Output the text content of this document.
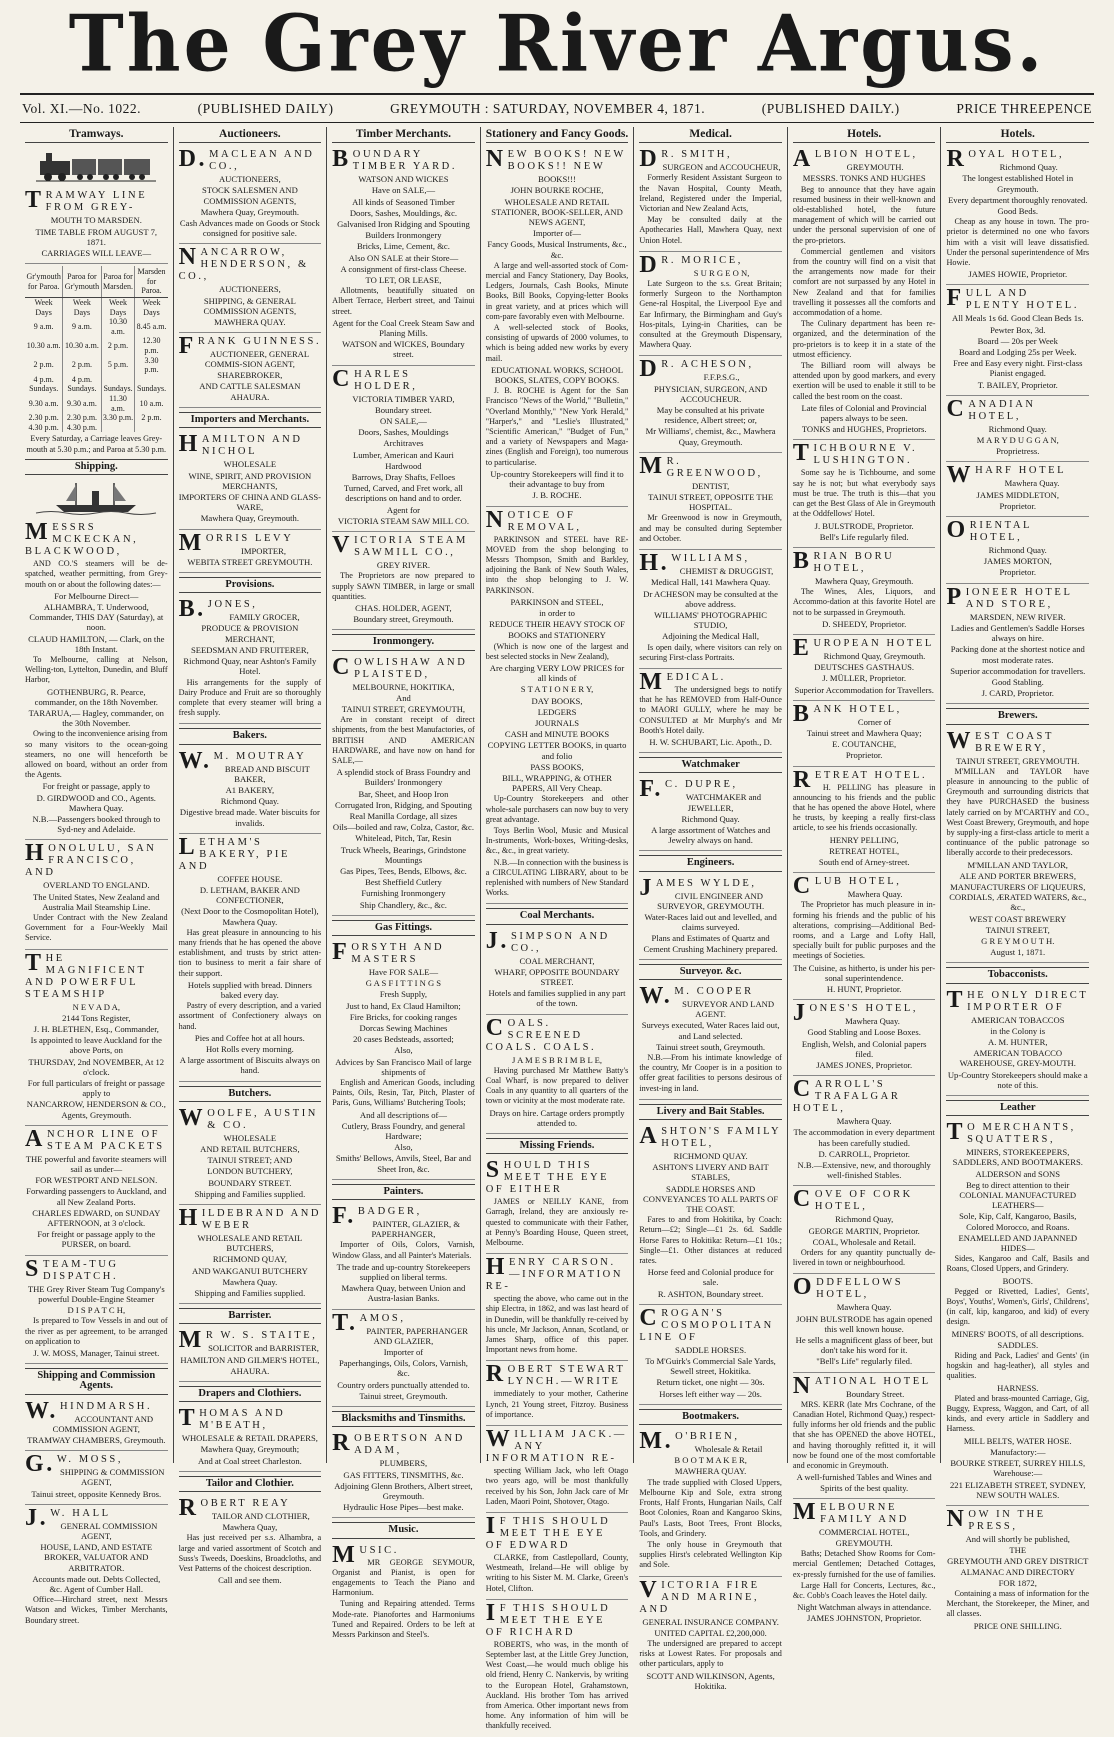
The Grey River Argus.
Vol. XI.—No. 1022.	(PUBLISHED DAILY)	GREYMOUTH : SATURDAY, NOVEMBER 4, 1871.	(PUBLISHED DAILY.)	PRICE THREEPENCE
Tramways.
TRAMWAY LINE FROM GREY-
MOUTH TO MARSDEN.
TIME TABLE FROM AUGUST 7, 1871.
CARRIAGES WILL LEAVE—
Gr'ymouth for Paroa.	Paroa for Gr'ymouth	Paroa for Marsden.	Marsden for Paroa.
Week Days	Week Days	Week Days	Week Days
9 a.m.	9 a.m.	10.30 a.m.	8.45 a.m.
10.30 a.m.	10.30 a.m.	2 p.m.	12.30 p.m.
2 p.m.	2 p.m.	5 p.m.	3.30 p.m.
4 p.m.	4 p.m.		
Sundays.	Sundays.	Sundays.	Sundays.
9.30 a.m.	9.30 a.m.	11.30 a.m.	10 a.m.
2.30 p.m.	2.30 p.m.	3.30 p.m.	2 p.m.
4.30 p.m.	4.30 p.m.		
Every Saturday, a Carriage leaves Grey-mouth at 5.30 p.m.; and Paroa at 5.30 p.m.
Shipping.
MESSRS MCKECKAN, BLACKWOOD,
AND CO.'S steamers will be de-spatched, weather permitting, from Grey-mouth on or about the following dates:—
For Melbourne Direct—
ALHAMBRA, T. Underwood, Commander, THIS DAY (Saturday), at noon.
CLAUD HAMILTON, — Clark, on the 18th Instant.
To Melbourne, calling at Nelson, Welling-ton, Lyttelton, Dunedin, and Bluff Harbor,
GOTHENBURG, R. Pearce, commander, on the 18th November.
TARARUA,— Hagley, commander, on the 30th November.
Owing to the inconvenience arising from so many visitors to the ocean-going steamers, no one will henceforth be allowed on board, without an order from the Agents.
For freight or passage, apply to
D. GIRDWOOD and CO., Agents. Mawhera Quay.
N.B.—Passengers booked through to Syd-ney and Adelaide.
HONOLULU, SAN FRANCISCO, AND
OVERLAND TO ENGLAND.
The United States, New Zealand and Australia Mail Steamship Line.
Under Contract with the New Zealand Government for a Four-Weekly Mail Service.
THE MAGNIFICENT AND POWERFUL STEAMSHIP
N E V A D A,
2144 Tons Register,
J. H. BLETHEN, Esq., Commander,
Is appointed to leave Auckland for the above Ports, on
THURSDAY, 2nd NOVEMBER, At 12 o'clock.
For full particulars of freight or passage apply to
NANCARROW, HENDERSON & CO., Agents, Greymouth.
ANCHOR LINE OF STEAM PACKETS
THE powerful and favorite steamers will sail as under—
FOR WESTPORT AND NELSON.
Forwarding passengers to Auckland, and all New Zealand Ports.
CHARLES EDWARD, on SUNDAY AFTERNOON, at 3 o'clock.
For freight or passage apply to the PURSER, on board.
STEAM-TUG DISPATCH.
THE Grey River Steam Tug Company's powerful Double-Engine Steamer
D I S P A T C H,
Is prepared to Tow Vessels in and out of the river as per agreement, to be arranged on application to
J. W. MOSS, Manager, Tainui street.
Shipping and Commission Agents.
W.HINDMARSH.
ACCOUNTANT AND COMMISSION AGENT,
TRAMWAY CHAMBERS, Greymouth.
G.W. MOSS,
SHIPPING & COMMISSION AGENT,
Tainui street, opposite Kennedy Bros.
J.W. HALL
GENERAL COMMISSION AGENT,
HOUSE, LAND, AND ESTATE BROKER, VALUATOR AND ARBITRATOR.
Accounts made out. Debts Collected, &c. Agent of Cumber Hall.
Office—Hirchard street, next Messrs Watson and Wickes, Timber Merchants, Boundary street.
Auctioneers.
D.MACLEAN AND CO.,
AUCTIONEERS,
STOCK SALESMEN AND COMMISSION AGENTS,
Mawhera Quay, Greymouth.
Cash Advances made on Goods or Stock consigned for positive sale.
NANCARROW, HENDERSON, & CO.,
AUCTIONEERS,
SHIPPING, & GENERAL COMMISSION AGENTS,
MAWHERA QUAY.
FRANK GUINNESS.
AUCTIONEER, GENERAL COMMIS-SION AGENT, SHAREBROKER,
AND CATTLE SALESMAN
AHAURA.
Importers and Merchants.
HAMILTON AND NICHOL
WHOLESALE
WINE, SPIRIT, AND PROVISION MERCHANTS,
IMPORTERS OF CHINA AND GLASS-WARE,
Mawhera Quay, Greymouth.
MORRIS LEVY
IMPORTER,
WEBITA STREET GREYMOUTH.
Provisions.
B.JONES,
FAMILY GROCER,
PRODUCE & PROVISION MERCHANT,
SEEDSMAN AND FRUITERER,
Richmond Quay, near Ashton's Family Hotel.
His arrangements for the supply of Dairy Produce and Fruit are so thoroughly complete that every steamer will bring a fresh supply.
Bakers.
W.M. MOUTRAY
BREAD AND BISCUIT BAKER,
A1 BAKERY,
Richmond Quay.
Digestive bread made. Water biscuits for invalids.
LETHAM'S BAKERY, PIE AND
COFFEE HOUSE.
D. LETHAM, BAKER AND CONFECTIONER,
(Next Door to the Cosmopolitan Hotel), Mawhera Quay.
Has great pleasure in announcing to his many friends that he has opened the above establishment, and trusts by strict atten-tion to business to merit a fair share of their support.
Hotels supplied with bread. Dinners baked every day.
Pastry of every description, and a varied assortment of Confectionery always on hand.
Pies and Coffee hot at all hours.
Hot Rolls every morning.
A large assortment of Biscuits always on hand.
Butchers.
WOOLFE, AUSTIN & CO.
WHOLESALE
AND RETAIL BUTCHERS,
TAINUI STREET; AND
LONDON BUTCHERY,
BOUNDARY STREET.
Shipping and Families supplied.
HILDEBRAND AND WEBER
WHOLESALE AND RETAIL BUTCHERS,
RICHMOND QUAY,
AND WAKGANUI BUTCHERY
Mawhera Quay.
Shipping and Families supplied.
Barrister.
MR W. S. STAITE,
SOLICITOR and BARRISTER,
HAMILTON AND GILMER'S HOTEL,
AHAURA.
Drapers and Clothiers.
THOMAS AND M'BEATH,
WHOLESALE & RETAIL DRAPERS,
Mawhera Quay, Greymouth;
And at Coal street Charleston.
Tailor and Clothier.
ROBERT REAY
TAILOR AND CLOTHIER,
Mawhera Quay,
Has just received per s.s. Alhambra, a large and varied assortment of Scotch and Suss's Tweeds, Doeskins, Broadcloths, and Vest Patterns of the choicest description.
Call and see them.
Timber Merchants.
BOUNDARY TIMBER YARD.
WATSON AND WICKES
Have on SALE,—
All kinds of Seasoned Timber
Doors, Sashes, Mouldings, &c.
Galvanised Iron Ridging and Spouting
Builders Ironmongery
Bricks, Lime, Cement, &c.
Also ON SALE at their Store—
A consignment of first-class Cheese.
TO LET, OR LEASE,
Allotments, beautifully situated on Albert Terrace, Herbert street, and Tainui street.
Agent for the Coal Creek Steam Saw and Planing Mills.
WATSON and WICKES, Boundary street.
CHARLES HOLDER,
VICTORIA TIMBER YARD,
Boundary street.
ON SALE,—
Doors, Sashes, Mouldings
Architraves
Lumber, American and Kauri
Hardwood
Barrows, Dray Shafts, Felloes
Turned, Carved, and Fret work, all descriptions on hand and to order.
Agent for
VICTORIA STEAM SAW MILL CO.
VICTORIA STEAM SAWMILL CO.,
GREY RIVER.
The Proprietors are now prepared to supply SAWN TIMBER, in large or small quantities.
CHAS. HOLDER, AGENT,
Boundary street, Greymouth.
Ironmongery.
COWLISHAW AND PLAISTED,
MELBOURNE, HOKITIKA,
And
TAINUI STREET, GREYMOUTH,
Are in constant receipt of direct shipments, from the best Manufactories, of BRITISH AND AMERICAN HARDWARE, and have now on hand for SALE,—
A splendid stock of Brass Foundry and Builders' Ironmongery
Bar, Sheet, and Hoop Iron
Corrugated Iron, Ridging, and Spouting
Real Manilla Cordage, all sizes
Oils—boiled and raw, Colza, Castor, &c.
Whitelead, Pitch, Tar, Resin
Truck Wheels, Bearings, Grindstone Mountings
Gas Pipes, Tees, Bends, Elbows, &c.
Best Sheffield Cutlery
Furnishing Ironmongery
Ship Chandlery, &c., &c.
Gas Fittings.
FORSYTH AND MASTERS
Have FOR SALE—
G A S F I T T I N G S
Fresh Supply,
Just to hand, Ex Claud Hamilton;
Fire Bricks, for cooking ranges
Dorcas Sewing Machines
20 cases Bedsteads, assorted;
Also,
Advices by San Francisco Mail of large shipments of
English and American Goods, including Paints, Oils, Resin, Tar, Pitch, Plaster of Paris, Guns, Williams' Butchering Tools;
And all descriptions of—
Cutlery, Brass Foundry, and general Hardware;
Also,
Smiths' Bellows, Anvils, Steel, Bar and Sheet Iron, &c.
Painters.
F.BADGER,
PAINTER, GLAZIER, & PAPERHANGER,
Importer of Oils, Colors, Varnish, Window Glass, and all Painter's Materials.
The trade and up-country Storekeepers supplied on liberal terms.
Mawhera Quay, between Union and Austra-lasian Banks.
T.AMOS,
PAINTER, PAPERHANGER AND GLAZIER,
Importer of
Paperhangings, Oils, Colors, Varnish, &c.
Country orders punctually attended to.
Tainui street, Greymouth.
Blacksmiths and Tinsmiths.
ROBERTSON AND ADAM,
PLUMBERS,
GAS FITTERS, TINSMITHS, &c.
Adjoining Glenn Brothers, Albert street, Greymouth.
Hydraulic Hose Pipes—best make.
Music.
MUSIC.
MR GEORGE SEYMOUR, Organist and Pianist, is open for engagements to Teach the Piano and Harmonium.
Tuning and Repairing attended. Terms Mode-rate. Pianofortes and Harmoniums Tuned and Repaired. Orders to be left at Messrs Parkinson and Steel's.
Stationery and Fancy Goods.
NEW BOOKS! NEW BOOKS!! NEW
BOOKS!!!
JOHN BOURKE ROCHE,
WHOLESALE AND RETAIL STATIONER, BOOK-SELLER, AND NEWS AGENT,
Importer of—
Fancy Goods, Musical Instruments, &c., &c.
A large and well-assorted stock of Com-mercial and Fancy Stationery, Day Books, Ledgers, Journals, Cash Books, Minute Books, Bill Books, Copying-letter Books in great variety, and at prices which will com-pare favorably even with Melbourne.
A well-selected stock of Books, consisting of upwards of 2000 volumes, to which is being added new works by every mail.
EDUCATIONAL WORKS, SCHOOL BOOKS, SLATES, COPY BOOKS.
J. B. ROCHE is Agent for the San Francisco "News of the World," "Bulletin," "Overland Monthly," "New York Herald," "Harper's," and "Leslie's Illustrated," "Scientific American," "Budget of Fun," and a variety of Newspapers and Maga-zines (English and Foreign), too numerous to particularise.
Up-country Storekeepers will find it to their advantage to buy from
J. B. ROCHE.
NOTICE OF REMOVAL,
PARKINSON and STEEL have RE-MOVED from the shop belonging to Messrs Thompson, Smith and Barkley, adjoining the Bank of New South Wales, into the shop belonging to J. W. PARKINSON.
PARKINSON and STEEL,
in order to
REDUCE THEIR HEAVY STOCK OF
BOOKS and STATIONERY
(Which is now one of the largest and best selected stocks in New Zealand),
Are charging VERY LOW PRICES for all kinds of
S T A T I O N E R Y,
DAY BOOKS,
LEDGERS
JOURNALS
CASH and MINUTE BOOKS
COPYING LETTER BOOKS, in quarto and folio
PASS BOOKS,
BILL, WRAPPING, & OTHER PAPERS, All Very Cheap.
Up-Country Storekeepers and other whole-sale purchasers can now buy to very great advantage.
Toys Berlin Wool, Music and Musical In-struments, Work-boxes, Writing-desks, &c., &c., in great variety.
N.B.—In connection with the business is a CIRCULATING LIBRARY, about to be replenished with numbers of New Standard Works.
Coal Merchants.
J.SIMPSON AND CO.,
COAL MERCHANT,
WHARF, OPPOSITE BOUNDARY STREET.
Hotels and families supplied in any part of the town.
COALS. SCREENED COALS. COALS.
J A M E S B R I M B L E,
Having purchased Mr Matthew Batty's Coal Wharf, is now prepared to deliver Coals in any quantity to all quarters of the town or vicinity at the most moderate rate.
Drays on hire. Cartage orders promptly attended to.
Missing Friends.
SHOULD THIS MEET THE EYE OF EITHER
JAMES or NEILLY KANE, from Garragh, Ireland, they are anxiously re-quested to communicate with their Father, at Penny's Boarding House, Queen street, Melbourne.
HENRY CARSON.—INFORMATION RE-
specting the above, who came out in the ship Electra, in 1862, and was last heard of in Dunedin, will be thankfully re-ceived by his uncle, Mr Jackson, Annan, Scotland, or James Sharp, office of this paper. Important news from home.
ROBERT STEWART LYNCH.—WRITE
immediately to your mother, Catherine Lynch, 21 Young street, Fitzroy. Business of importance.
WILLIAM JACK.—ANY INFORMATION RE-
specting William Jack, who left Otago two years ago, will be most thankfully received by his Son, John Jack care of Mr Laden, Maori Point, Shotover, Otago.
IF THIS SHOULD MEET THE EYE OF EDWARD
CLARKE, from Castlepollard, County, Westmeath, Ireland—He will oblige by writing to his Sister M. M. Clarke, Green's Hotel, Clifton.
IF THIS SHOULD MEET THE EYE OF RICHARD
ROBERTS, who was, in the month of September last, at the Little Grey Junction, West Coast,—he would much oblige his old friend, Henry C. Nankervis, by writing to the European Hotel, Grahamstown, Auckland. His brother Tom has arrived from America. Other important news from home. Any information of him will be thankfully received.
Medical.
DR. SMITH,
SURGEON and ACCOUCHEUR,
Formerly Resident Assistant Surgeon to the Navan Hospital, County Meath, Ireland, Registered under the Imperial, Victorian and New Zealand Acts,
May be consulted daily at the Apothecaries Hall, Mawhera Quay, next Union Hotel.
DR. MORICE,
S U R G E O N,
Late Surgeon to the s.s. Great Britain; formerly Surgeon to the Northampton Gene-ral Hospital, the Liverpool Eye and Ear Infirmary, the Birmingham and Guy's Hos-pitals, Lying-in Charities, can be consulted at the Greymouth Dispensary, Mawhera Quay.
DR. ACHESON,
F.F.P.S.G.,
PHYSICIAN, SURGEON, AND ACCOUCHEUR.
May be consulted at his private residence, Albert street; or,
Mr Williams', chemist, &c., Mawhera Quay, Greymouth.
MR. GREENWOOD,
DENTIST,
TAINUI STREET, OPPOSITE THE HOSPITAL.
Mr Greenwood is now in Greymouth, and may be consulted during September and October.
H.WILLIAMS,
CHEMIST & DRUGGIST,
Medical Hall, 141 Mawhera Quay.
Dr ACHESON may be consulted at the above address.
WILLIAMS' PHOTOGRAPHIC STUDIO,
Adjoining the Medical Hall,
Is open daily, where visitors can rely on securing First-class Portraits.
MEDICAL.
The undersigned begs to notify that he has REMOVED from Half-Ounce to MAORI GULLY, where he may be CONSULTED at Mr Murphy's and Mr Booth's Hotel daily.
H. W. SCHUBART, Lic. Apoth., D.
Watchmaker
F.C. DUPRE,
WATCHMAKER and JEWELLER,
Richmond Quay.
A large assortment of Watches and Jewelry always on hand.
Engineers.
JAMES WYLDE,
CIVIL ENGINEER AND SURVEYOR, GREYMOUTH.
Water-Races laid out and levelled, and claims surveyed.
Plans and Estimates of Quartz and Cement Crushing Machinery prepared.
Surveyor. &c.
W.M. COOPER
SURVEYOR AND LAND AGENT.
Surveys executed, Water Races laid out, and Land selected.
Tainui street south, Greymouth.
N.B.—From his intimate knowledge of the country, Mr Cooper is in a position to offer great facilities to persons desirous of invest-ing in land.
Livery and Bait Stables.
ASHTON'S FAMILY HOTEL,
RICHMOND QUAY.
ASHTON'S LIVERY AND BAIT STABLES,
SADDLE HORSES AND CONVEYANCES TO ALL PARTS OF THE COAST.
Fares to and from Hokitika, by Coach: Return—£2; Single—£1 2s. 6d. Saddle Horse Fares to Hokitika: Return—£1 10s.; Single—£1. Other distances at reduced rates.
Horse feed and Colonial produce for sale.
R. ASHTON, Boundary street.
CROGAN'S COSMOPOLITAN LINE OF
SADDLE HORSES.
To M'Guirk's Commercial Sale Yards, Sewell street, Hokitika.
Return ticket, one night — 30s.
Horses left either way — 20s.
Bootmakers.
M.O'BRIEN,
Wholesale & Retail
B O O T M A K E R,
MAWHERA QUAY.
The trade supplied with Closed Uppers, Melbourne Kip and Sole, extra strong Fronts, Half Fronts, Hungarian Nails, Calf Boot Colonies, Roan and Kangaroo Skins, Paul's Lasts, Boot Trees, Front Blocks, Tools, and Grindery.
The only house in Greymouth that supplies Hirst's celebrated Wellington Kip and Sole.
VICTORIA FIRE AND MARINE, AND
GENERAL INSURANCE COMPANY.
UNITED CAPITAL £2,200,000.
The undersigned are prepared to accept risks at Lowest Rates. For proposals and other particulars, apply to
SCOTT AND WILKINSON, Agents, Hokitika.
Hotels.
ALBION HOTEL,
GREYMOUTH.
MESSRS. TONKS AND HUGHES
Beg to announce that they have again resumed business in their well-known and old-established hotel, the future management of which will be carried out under the personal supervision of one of the pro-prietors.
Commercial gentlemen and visitors from the country will find on a visit that the arrangements now made for their comfort are not surpassed by any Hotel in New Zealand and that for families travelling it possesses all the comforts and accommodation of a home.
The Culinary department has been re-organized, and the determination of the pro-prietors is to keep it in a state of the utmost efficiency.
The Billiard room will always be attended upon by good markers, and every exertion will be used to enable it still to be called the best room on the coast.
Late files of Colonial and Provincial papers always to be seen.
TONKS and HUGHES, Proprietors.
TICHBOURNE V. LUSHINGTON.
Some say he is Tichbourne, and some say he is not; but what everybody says must be true. The truth is this—that you can get the Best Glass of Ale in Greymouth at the Oddfellows' Hotel.
J. BULSTRODE, Proprietor.
Bell's Life regularly filed.
BRIAN BORU HOTEL,
Mawhera Quay, Greymouth.
The Wines, Ales, Liquors, and Accommo-dation at this favorite Hotel are not to be surpassed in Greymouth.
D. SHEEDY, Proprietor.
EUROPEAN HOTEL
Richmond Quay, Greymouth.
DEUTSCHES GASTHAUS.
J. MÜLLER, Proprietor.
Superior Accommodation for Travellers.
BANK HOTEL,
Corner of
Tainui street and Mawhera Quay;
E. COUTANCHE,
Proprietor.
RETREAT HOTEL.
H. PELLING has pleasure in announcing to his friends and the public that he has opened the above Hotel, where he trusts, by keeping a really first-class article, to see his friends occasionally.
HENRY PELLING,
RETREAT HOTEL,
South end of Arney-street.
CLUB HOTEL,
Mawhera Quay.
The Proprietor has much pleasure in in-forming his friends and the public of his alterations, comprising—Additional Bed-rooms, and a Large and Lofty Hall, specially built for public purposes and the meetings of Societies.
The Cuisine, as hitherto, is under his per-sonal superintendence.
H. HUNT, Proprietor.
JONES'S HOTEL,
Mawhera Quay.
Good Stabling and Loose Boxes.
English, Welsh, and Colonial papers filed.
JAMES JONES, Proprietor.
CARROLL'S TRAFALGAR HOTEL,
Mawhera Quay.
The accommodation in every department has been carefully studied.
D. CARROLL, Proprietor.
N.B.—Extensive, new, and thoroughly well-finished Stables.
COVE OF CORK HOTEL,
Richmond Quay,
GEORGE MARTIN, Proprietor.
COAL, Wholesale and Retail.
Orders for any quantity punctually de-livered in town or neighbourhood.
ODDFELLOWS HOTEL,
Mawhera Quay.
JOHN BULSTRODE has again opened this well known house.
He sells a magnificent glass of beer, but don't take his word for it.
"Bell's Life" regularly filed.
NATIONAL HOTEL
Boundary Street.
MRS. KERR (late Mrs Cochrane, of the Canadian Hotel, Richmond Quay,) respect-fully informs her old friends and the public that she has OPENED the above HOTEL, and having thoroughly refitted it, it will now be found one of the most comfortable and economic in Greymouth.
A well-furnished Tables and Wines and Spirits of the best quality.
MELBOURNE FAMILY AND
COMMERCIAL HOTEL,
GREYMOUTH.
Baths; Detached Show Rooms for Com-mercial Gentlemen; Detached Cottages, ex-pressly furnished for the use of families.
Large Hall for Concerts, Lectures, &c., &c. Cobb's Coach leaves the Hotel daily.
Night Watchman always in attendance.
JAMES JOHNSTON, Proprietor.
Hotels.
ROYAL HOTEL,
Richmond Quay.
The longest established Hotel in Greymouth.
Every department thoroughly renovated.
Good Beds.
Cheap as any house in town. The pro-prietor is determined no one who favors him with a visit will leave dissatisfied. Under the personal superintendence of Mrs Howie.
JAMES HOWIE, Proprietor.
FULL AND PLENTY HOTEL.
All Meals 1s 6d. Good Clean Beds 1s.
Pewter Box, 3d.
Board — 20s per Week
Board and Lodging 25s per Week.
Free and Easy every night. First-class Pianist engaged.
T. BAILEY, Proprietor.
CANADIAN HOTEL,
Richmond Quay.
M A R Y D U G G A N,
Proprietress.
WHARF HOTEL
Mawhera Quay.
JAMES MIDDLETON,
Proprietor.
ORIENTAL HOTEL,
Richmond Quay.
JAMES MORTON,
Proprietor.
PIONEER HOTEL AND STORE,
MARSDEN, NEW RIVER.
Ladies and Gentlemen's Saddle Horses always on hire.
Packing done at the shortest notice and most moderate rates.
Superior accommodation for travellers.
Good Stabling.
J. CARD, Proprietor.
Brewers.
WEST COAST BREWERY,
TAINUI STREET, GREYMOUTH.
M'MILLAN and TAYLOR have pleasure in announcing to the public of Greymouth and surrounding districts that they have PURCHASED the business lately carried on by M'CARTHY and CO., West Coast Brewery, Greymouth, and hope by supply-ing a first-class article to merit a continuance of the public patronage so liberally accorde to their predecessors.
M'MILLAN AND TAYLOR,
ALE AND PORTER BREWERS,
MANUFACTURERS OF LIQUEURS, CORDIALS, ÆRATED WATERS, &c., &c.,
WEST COAST BREWERY
TAINUI STREET,
G R E Y M O U T H.
August 1, 1871.
Tobacconists.
THE ONLY DIRECT IMPORTER OF
AMERICAN TOBACCOS
in the Colony is
A. M. HUNTER,
AMERICAN TOBACCO WAREHOUSE, GREY-MOUTH.
Up-Country Storekeepers should make a note of this.
Leather
TO MERCHANTS, SQUATTERS,
MINERS, STOREKEEPERS, SADDLERS, AND BOOTMAKERS.
ALDERSON and SONS
Beg to direct attention to their COLONIAL MANUFACTURED LEATHERS—
Sole, Kip, Calf, Kangaroo, Basils, Colored Morocco, and Roans.
ENAMELLED AND JAPANNED HIDES—
Sides, Kangaroo and Calf, Basils and Roans, Closed Uppers, and Grindery.
BOOTS.
Pegged or Rivetted, Ladies', Gents', Boys', Youths', Women's, Girls', Childrens', (in calf, kip, kangaroo, and kid) of every design.
MINERS' BOOTS, of all descriptions.
SADDLES.
Riding and Pack, Ladies' and Gents' (in hogskin and hag-leather), all styles and qualities.
HARNESS.
Plated and brass-mounted Carriage, Gig, Buggy, Express, Waggon, and Cart, of all kinds, and every article in Saddlery and Harness.
MILL BELTS, WATER HOSE.
Manufactory:—
BOURKE STREET, SURREY HILLS, Warehouse:—
221 ELIZABETH STREET, SYDNEY, NEW SOUTH WALES.
NOW IN THE PRESS,
And will shortly be published,
THE
GREYMOUTH AND GREY DISTRICT ALMANAC AND DIRECTORY
FOR 1872,
Containing a mass of information for the Merchant, the Storekeeper, the Miner, and all classes.
PRICE ONE SHILLING.
